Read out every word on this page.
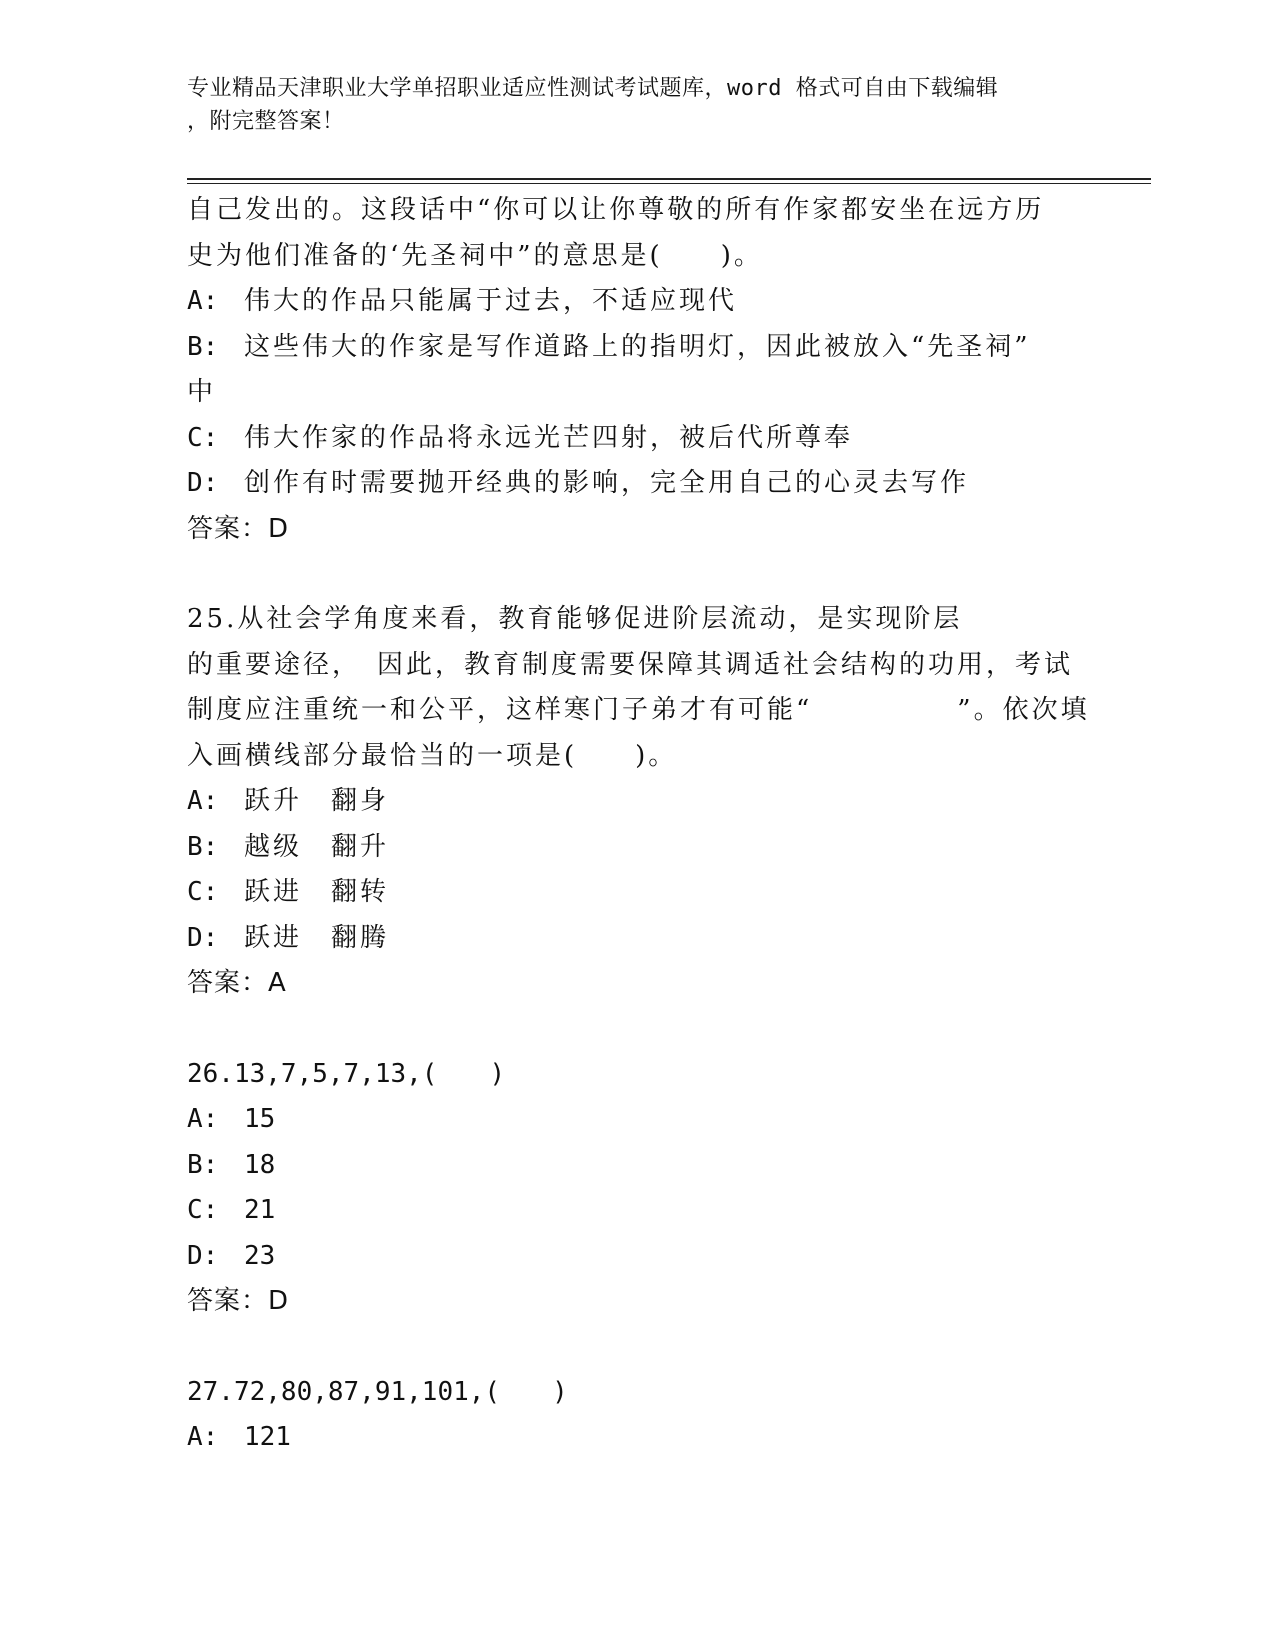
专业精品天津职业大学单招职业适应性测试考试题库，word 格式可自由下载编辑
，附完整答案！
自己发出的。这段话中“你可以让你尊敬的所有作家都安坐在远方历
史为他们准备的‘先圣祠中”的意思是(　　)。
A: 伟大的作品只能属于过去，不适应现代
B: 这些伟大的作家是写作道路上的指明灯，因此被放入“先圣祠”
中
C: 伟大作家的作品将永远光芒四射，被后代所尊奉
D: 创作有时需要抛开经典的影响，完全用自己的心灵去写作
答案：D
25.从社会学角度来看，教育能够促进阶层流动，是实现阶层
的重要途径，　因此，教育制度需要保障其调适社会结构的功用，考试
制度应注重统一和公平，这样寒门子弟才有可能“　　　　　”。依次填
入画横线部分最恰当的一项是(　　)。
A: 跃升　翻身
B: 越级　翻升
C: 跃进　翻转
D: 跃进　翻腾
答案：A
26.13,7,5,7,13,(　　)
A: 15
B: 18
C: 21
D: 23
答案：D
27.72,80,87,91,101,(　　)
A: 121
